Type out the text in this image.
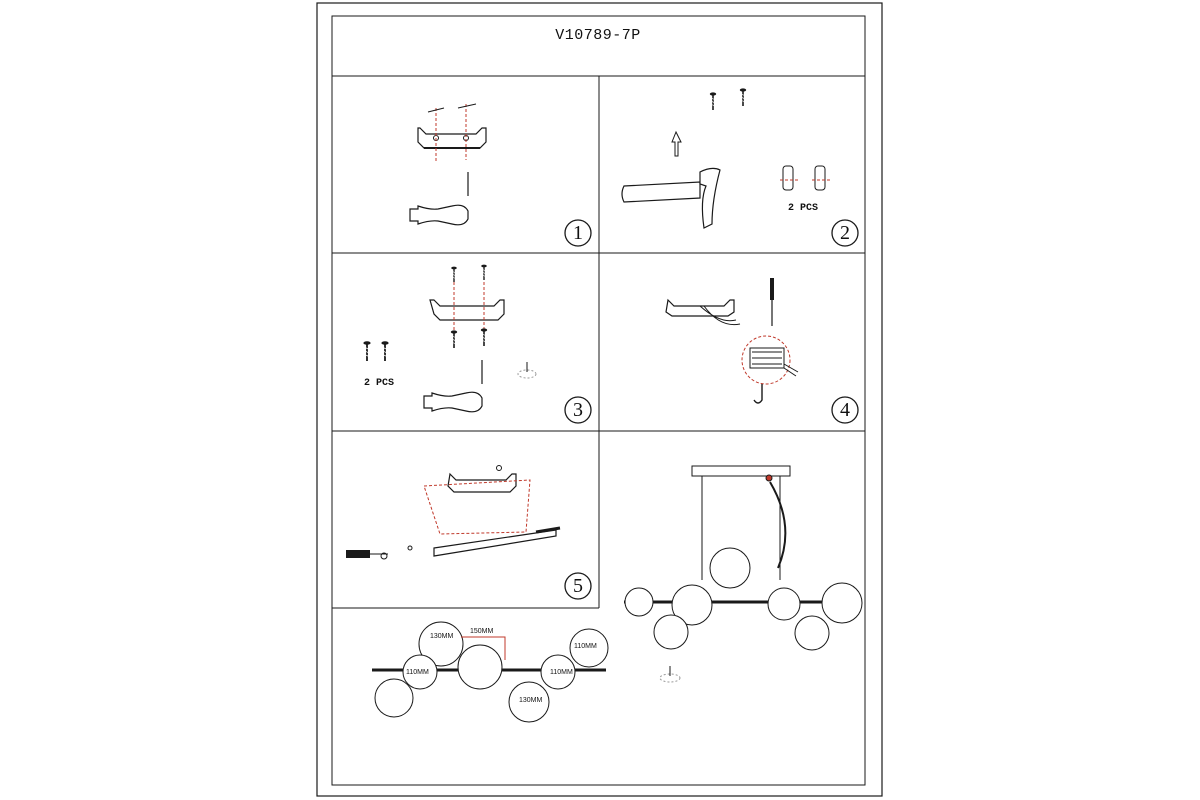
V10789-7P
2 PCS
2 PCS
1	2
3	4
5
130MM
150MM
110MM
110MM	110MM
130MM
